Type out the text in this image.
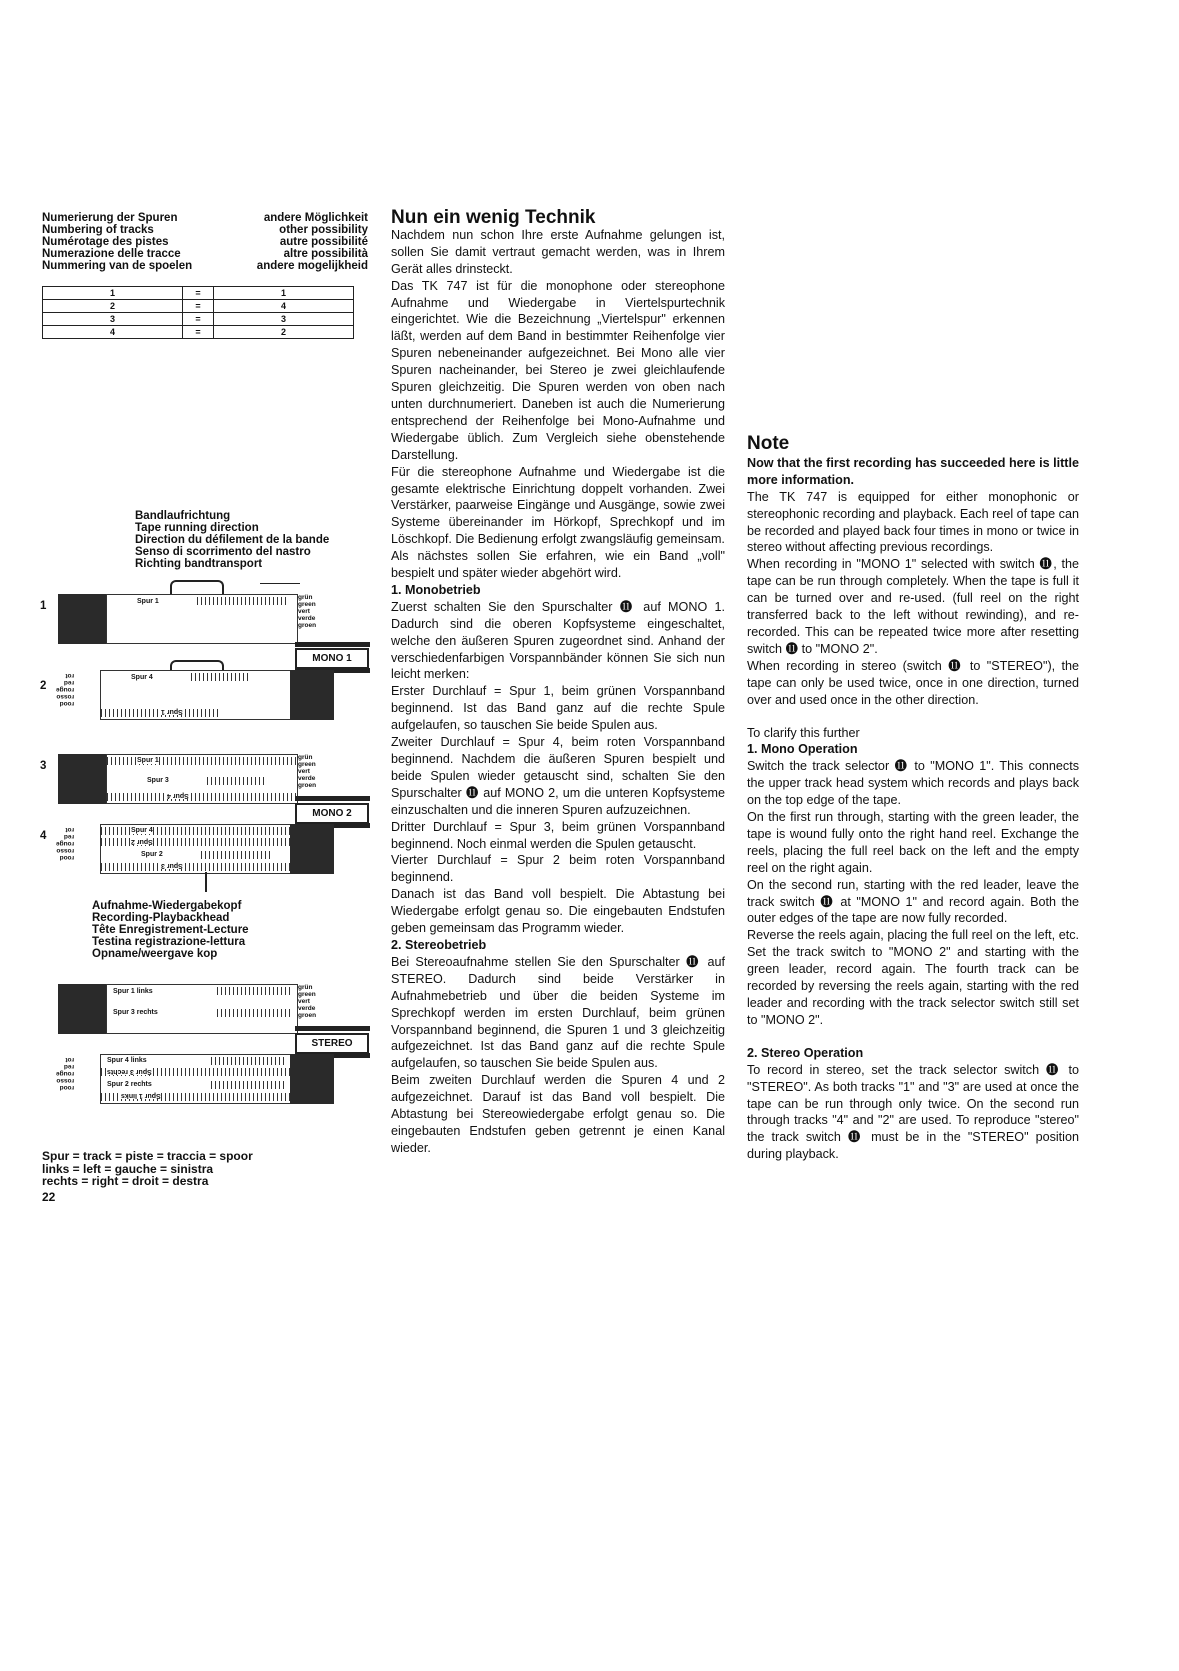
Numerierung der Spuren
Numbering of tracks
Numérotage des pistes
Numerazione delle tracce
Nummering van de spoelen
andere Möglichkeit
other possibility
autre possibilité
altre possibilità
andere mogelijkheid
1	=	1
2	=	4
3	=	3
4	=	2
Bandlaufrichtung
Tape running direction
Direction du défilement de la bande
Senso di scorrimento del nastro
Richting bandtransport
1	Spur 1
grün
green
vert
verde
groen
MONO 1
2
rood
rosso
rouge
red
rot	Spur 4
Spur 1
3	Spur 1
Spur 3
Spur 4
grün
green
vert
verde
groen
MONO 2
4
rood
rosso
rouge
red
rot	Spur 4
Spur 2
Spur 2
Spur 3
Aufnahme-Wiedergabekopf
Recording-Playbackhead
Tête Enregistrement-Lecture
Testina registrazione-lettura
Opname/weergave kop
Spur 1 links
Spur 3 rechts
grün
green
vert
verde
groen
STEREO
rood
rosso
rouge
red
rot	Spur 4 links
Spur 3 rechts
Spur 2 rechts
Spur 1 links
Spur = track = piste = traccia = spoor
links = left = gauche = sinistra
rechts = right = droit = destra
22
Nun ein wenig Technik

Nachdem nun schon Ihre erste Aufnahme gelungen ist, sollen Sie damit vertraut gemacht werden, was in Ihrem Gerät alles drinsteckt.

Das TK 747 ist für die monophone oder stereophone Aufnahme und Wiedergabe in Viertelspurtechnik eingerichtet. Wie die Bezeichnung „Viertelspur" erkennen läßt, werden auf dem Band in bestimmter Reihenfolge vier Spuren nebeneinander aufgezeichnet. Bei Mono alle vier Spuren nacheinander, bei Stereo je zwei gleichlaufende Spuren gleichzeitig. Die Spuren werden von oben nach unten durchnumeriert. Daneben ist auch die Numerierung entsprechend der Reihenfolge bei Mono-Aufnahme und Wiedergabe üblich. Zum Vergleich siehe obenstehende Darstellung.

Für die stereophone Aufnahme und Wiedergabe ist die gesamte elektrische Einrichtung doppelt vorhanden. Zwei Verstärker, paarweise Eingänge und Ausgänge, sowie zwei Systeme übereinander im Hörkopf, Sprechkopf und im Löschkopf. Die Bedienung erfolgt zwangsläufig gemeinsam.

Als nächstes sollen Sie erfahren, wie ein Band „voll" bespielt und später wieder abgehört wird.

1. Monobetrieb

Zuerst schalten Sie den Spurschalter ⓫ auf MONO 1. Dadurch sind die oberen Kopfsysteme eingeschaltet, welche den äußeren Spuren zugeordnet sind. Anhand der verschiedenfarbigen Vorspannbänder können Sie sich nun leicht merken:

Erster Durchlauf = Spur 1, beim grünen Vorspannband beginnend. Ist das Band ganz auf die rechte Spule aufgelaufen, so tauschen Sie beide Spulen aus.

Zweiter Durchlauf = Spur 4, beim roten Vorspannband beginnend. Nachdem die äußeren Spuren bespielt und beide Spulen wieder getauscht sind, schalten Sie den Spurschalter ⓫ auf MONO 2, um die unteren Kopfsysteme einzuschalten und die inneren Spuren aufzuzeichnen.

Dritter Durchlauf = Spur 3, beim grünen Vorspannband beginnend. Noch einmal werden die Spulen getauscht.

Vierter Durchlauf = Spur 2 beim roten Vorspannband beginnend.

Danach ist das Band voll bespielt. Die Abtastung bei Wiedergabe erfolgt genau so. Die eingebauten Endstufen geben gemeinsam das Programm wieder.

2. Stereobetrieb

Bei Stereoaufnahme stellen Sie den Spurschalter ⓫ auf STEREO. Dadurch sind beide Verstärker in Aufnahmebetrieb und über die beiden Systeme im Sprechkopf werden im ersten Durchlauf, beim grünen Vorspannband beginnend, die Spuren 1 und 3 gleichzeitig aufgezeichnet. Ist das Band ganz auf die rechte Spule aufgelaufen, so tauschen Sie beide Spulen aus.

Beim zweiten Durchlauf werden die Spuren 4 und 2 aufgezeichnet. Darauf ist das Band voll bespielt. Die Abtastung bei Stereowiedergabe erfolgt genau so. Die eingebauten Endstufen geben getrennt je einen Kanal wieder.

Note

Now that the first recording has succeeded here is little more information.

The TK 747 is equipped for either monophonic or stereophonic recording and playback. Each reel of tape can be recorded and played back four times in mono or twice in stereo without affecting previous recordings.

When recording in "MONO 1" selected with switch ⓫, the tape can be run through completely. When the tape is full it can be turned over and re-used. (full reel on the right transferred back to the left without rewinding), and re-recorded. This can be repeated twice more after resetting switch ⓫ to "MONO 2".

When recording in stereo (switch ⓫ to "STEREO"), the tape can only be used twice, once in one direction, turned over and used once in the other direction.

To clarify this further

1. Mono Operation

Switch the track selector ⓫ to "MONO 1". This connects the upper track head system which records and plays back on the top edge of the tape.

On the first run through, starting with the green leader, the tape is wound fully onto the right hand reel. Exchange the reels, placing the full reel back on the left and the empty reel on the right again.

On the second run, starting with the red leader, leave the track switch ⓫ at "MONO 1" and record again. Both the outer edges of the tape are now fully recorded.

Reverse the reels again, placing the full reel on the left, etc. Set the track switch to "MONO 2" and starting with the green leader, record again. The fourth track can be recorded by reversing the reels again, starting with the red leader and recording with the track selector switch still set to "MONO 2".

2. Stereo Operation

To record in stereo, set the track selector switch ⓫ to "STEREO". As both tracks "1" and "3" are used at once the tape can be run through only twice. On the second run through tracks "4" and "2" are used. To reproduce "stereo" the track switch ⓫ must be in the "STEREO" position during playback.
